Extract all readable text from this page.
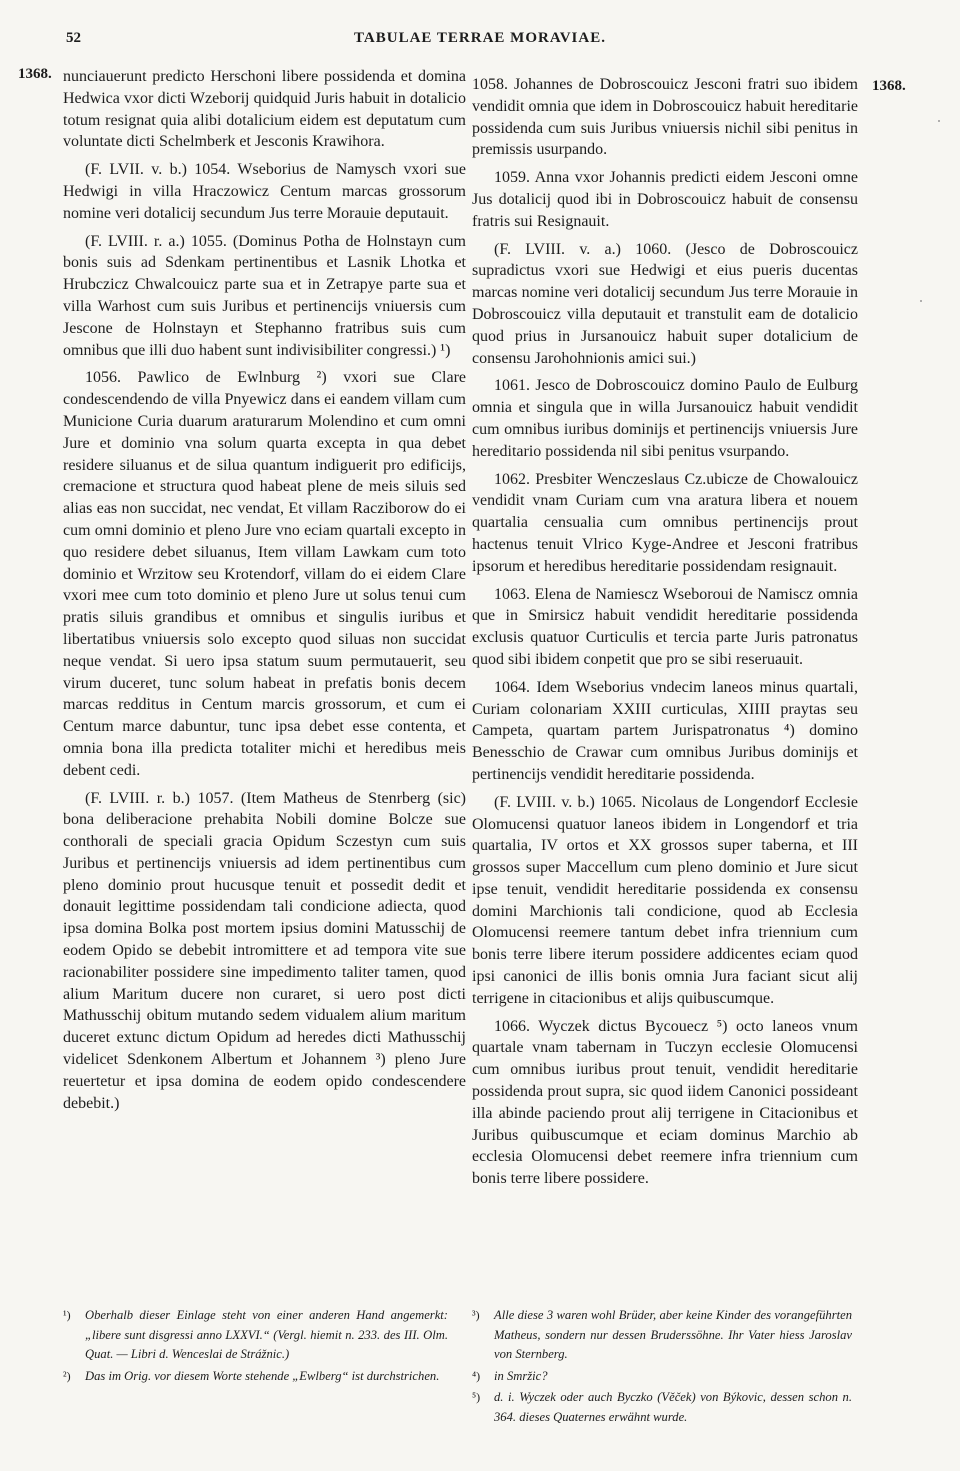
52	TABULAE TERRAE MORAVIAE.
1368.
1368.

nunciauerunt predicto Herschoni libere possidenda et domina Hedwica vxor dicti Wzeborij quidquid Juris habuit in dotalicio totum resignat quia alibi dotalicium eidem est deputatum cum voluntate dicti Schelmberk et Jesconis Krawihora.

(F. LVII. v. b.) 1054. Wseborius de Namysch vxori sue Hedwigi in villa Hraczowicz Centum marcas grossorum nomine veri dotalicij secundum Jus terre Morauie deputauit.

(F. LVIII. r. a.) 1055. (Dominus Potha de Holnstayn cum bonis suis ad Sdenkam pertinentibus et Lasnik Lhotka et Hrubczicz Chwalcouicz parte sua et in Zetrapye parte sua et villa Warhost cum suis Juribus et pertinencijs vniuersis cum Jescone de Holnstayn et Stephanno fratribus suis cum omnibus que illi duo habent sunt indivisibiliter congressi.) ¹)

1056. Pawlico de Ewlnburg ²) vxori sue Clare condescendendo de villa Pnyewicz dans ei eandem villam cum Municione Curia duarum araturarum Molendino et cum omni Jure et dominio vna solum quarta excepta in qua debet residere siluanus et de silua quantum indiguerit pro edificijs, cremacione et structura quod habeat plene de meis siluis sed alias eas non succidat, nec vendat, Et villam Racziborow do ei cum omni dominio et pleno Jure vno eciam quartali excepto in quo residere debet siluanus, Item villam Lawkam cum toto dominio et Wrzitow seu Krotendorf, villam do ei eidem Clare vxori mee cum toto dominio et pleno Jure ut solus tenui cum pratis siluis grandibus et omnibus et singulis iuribus et libertatibus vniuersis solo excepto quod siluas non succidat neque vendat. Si uero ipsa statum suum permutauerit, seu virum duceret, tunc solum habeat in prefatis bonis decem marcas redditus in Centum marcis grossorum, et cum ei Centum marce dabuntur, tunc ipsa debet esse contenta, et omnia bona illa predicta totaliter michi et heredibus meis debent cedi.

(F. LVIII. r. b.) 1057. (Item Matheus de Stenrberg (sic) bona deliberacione prehabita Nobili domine Bolcze sue conthorali de speciali gracia Opidum Sczestyn cum suis Juribus et pertinencijs vniuersis ad idem pertinentibus cum pleno dominio prout hucusque tenuit et possedit dedit et donauit legittime possidendam tali condicione adiecta, quod ipsa domina Bolka post mortem ipsius domini Matusschij de eodem Opido se debebit intromittere et ad tempora vite sue racionabiliter possidere sine impedimento taliter tamen, quod alium Maritum ducere non curaret, si uero post dicti Mathusschij obitum mutando sedem vidualem alium maritum duceret extunc dictum Opidum ad heredes dicti Mathusschij videlicet Sdenkonem Albertum et Johannem ³) pleno Jure reuertetur et ipsa domina de eodem opido condescendere debebit.)

1058. Johannes de Dobroscouicz Jesconi fratri suo ibidem vendidit omnia que idem in Dobroscouicz habuit hereditarie possidenda cum suis Juribus vniuersis nichil sibi penitus in premissis usurpando.

1059. Anna vxor Johannis predicti eidem Jesconi omne Jus dotalicij quod ibi in Dobroscouicz habuit de consensu fratris sui Resignauit.

(F. LVIII. v. a.) 1060. (Jesco de Dobroscouicz supradictus vxori sue Hedwigi et eius pueris ducentas marcas nomine veri dotalicij secundum Jus terre Morauie in Dobroscouicz villa deputauit et transtulit eam de dotalicio quod prius in Jursanouicz habuit super dotalicium de consensu Jarohohnionis amici sui.)

1061. Jesco de Dobroscouicz domino Paulo de Eulburg omnia et singula que in willa Jursanouicz habuit vendidit cum omnibus iuribus dominijs et pertinencijs vniuersis Jure hereditario possidenda nil sibi penitus vsurpando.

1062. Presbiter Wenczeslaus Cz.ubicze de Chowalouicz vendidit vnam Curiam cum vna aratura libera et nouem quartalia censualia cum omnibus pertinencijs prout hactenus tenuit Vlrico Kyge-Andree et Jesconi fratribus ipsorum et heredibus hereditarie possidendam resignauit.

1063. Elena de Namiescz Wseboroui de Namiscz omnia que in Smirsicz habuit vendidit hereditarie possidenda exclusis quatuor Curticulis et tercia parte Juris patronatus quod sibi ibidem conpetit que pro se sibi reseruauit.

1064. Idem Wseborius vndecim laneos minus quartali, Curiam colonariam XXIII curticulas, XIIII praytas seu Campeta, quartam partem Jurispatronatus ⁴) domino Benesschio de Crawar cum omnibus Juribus dominijs et pertinencijs vendidit hereditarie possidenda.

(F. LVIII. v. b.) 1065. Nicolaus de Longendorf Ecclesie Olomucensi quatuor laneos ibidem in Longendorf et tria quartalia, IV ortos et XX grossos super taberna, et III grossos super Maccellum cum pleno dominio et Jure sicut ipse tenuit, vendidit hereditarie possidenda ex consensu domini Marchionis tali condicione, quod ab Ecclesia Olomucensi reemere tantum debet infra triennium cum bonis terre libere iterum possidere addicentes eciam quod ipsi canonici de illis bonis omnia Jura faciant sicut alij terrigene in citacionibus et alijs quibuscumque.

1066. Wyczek dictus Bycouecz ⁵) octo laneos vnum quartale vnam tabernam in Tuczyn ecclesie Olomucensi cum omnibus iuribus prout tenuit, vendidit hereditarie possidenda prout supra, sic quod iidem Canonici possideant illa abinde paciendo prout alij terrigene in Citacionibus et Juribus quibuscumque et eciam dominus Marchio ab ecclesia Olomucensi debet reemere infra triennium cum bonis terre libere possidere.

¹) Oberhalb dieser Einlage steht von einer anderen Hand angemerkt: „libere sunt disgressi anno LXXVI.“ (Vergl. hiemit n. 233. des III. Olm. Quat. — Libri d. Wenceslai de Strážnic.)

²) Das im Orig. vor diesem Worte stehende „Ewlberg“ ist durchstrichen.

³) Alle diese 3 waren wohl Brüder, aber keine Kinder des vorangeführten Matheus, sondern nur dessen Bruderssöhne. Ihr Vater hiess Jaroslav von Sternberg.

⁴) in Smržic?

⁵) d. i. Wyczek oder auch Byczko (Věček) von Býkovic, dessen schon n. 364. dieses Quaternes erwähnt wurde.
